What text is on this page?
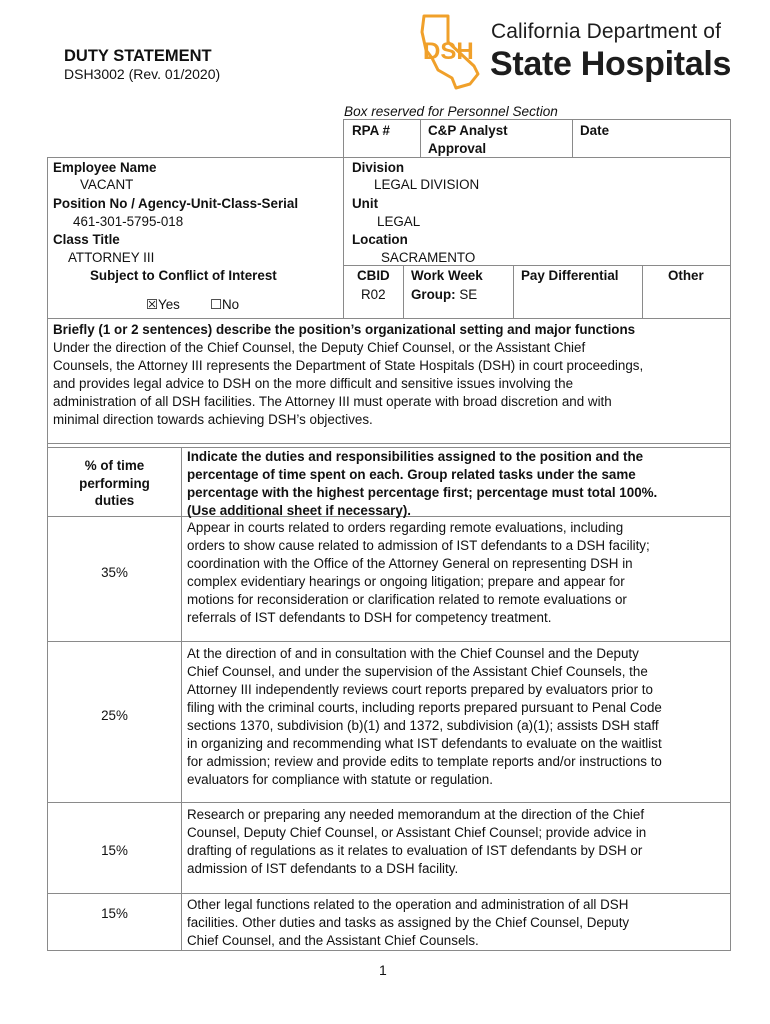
DUTY STATEMENT
DSH3002 (Rev. 01/2020)
DSH
California Department of
State Hospitals
Box reserved for Personnel Section
RPA #	C&P Analyst
Approval
Date
Employee Name
VACANT
Position No / Agency-Unit-Class-Serial
461-301-5795-018
Class Title
ATTORNEY III
Subject to Conflict of Interest
☒Yes ☐No
Division
LEGAL DIVISION
Unit
LEGAL
Location
SACRAMENTO
CBID
R02
Work Week
Group: SE
Pay Differential	Other
Briefly (1 or 2 sentences) describe the position’s organizational setting and major functions
Under the direction of the Chief Counsel, the Deputy Chief Counsel, or the Assistant Chief
Counsels, the Attorney III represents the Department of State Hospitals (DSH) in court proceedings,
and provides legal advice to DSH on the more difficult and sensitive issues involving the
administration of all DSH facilities. The Attorney III must operate with broad discretion and with
minimal direction towards achieving DSH’s objectives.
% of time
performing
duties
Indicate the duties and responsibilities assigned to the position and the
percentage of time spent on each. Group related tasks under the same
percentage with the highest percentage first; percentage must total 100%.
(Use additional sheet if necessary).
35%
Appear in courts related to orders regarding remote evaluations, including
orders to show cause related to admission of IST defendants to a DSH facility;
coordination with the Office of the Attorney General on representing DSH in
complex evidentiary hearings or ongoing litigation; prepare and appear for
motions for reconsideration or clarification related to remote evaluations or
referrals of IST defendants to DSH for competency treatment.
25%
At the direction of and in consultation with the Chief Counsel and the Deputy
Chief Counsel, and under the supervision of the Assistant Chief Counsels, the
Attorney III independently reviews court reports prepared by evaluators prior to
filing with the criminal courts, including reports prepared pursuant to Penal Code
sections 1370, subdivision (b)(1) and 1372, subdivision (a)(1); assists DSH staff
in organizing and recommending what IST defendants to evaluate on the waitlist
for admission; review and provide edits to template reports and/or instructions to
evaluators for compliance with statute or regulation.
15%
Research or preparing any needed memorandum at the direction of the Chief
Counsel, Deputy Chief Counsel, or Assistant Chief Counsel; provide advice in
drafting of regulations as it relates to evaluation of IST defendants by DSH or
admission of IST defendants to a DSH facility.
15%
Other legal functions related to the operation and administration of all DSH
facilities. Other duties and tasks as assigned by the Chief Counsel, Deputy
Chief Counsel, and the Assistant Chief Counsels.
1
